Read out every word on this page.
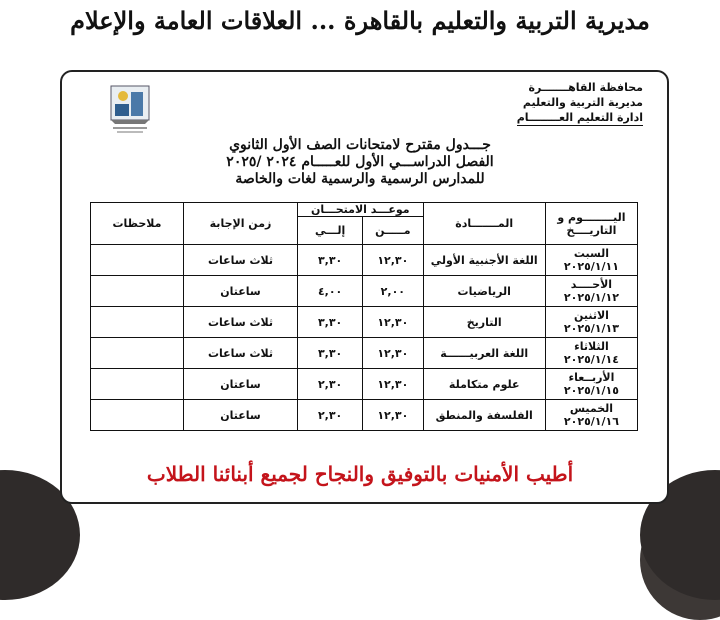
مديرية التربية والتعليم بالقاهرة ... العلاقات العامة والإعلام
محافظة القاهـــــــرة
مديرية التربية والتعليم
ادارة التعليم العــــــــام
جـــدول مقترح لامتحانات الصف الأول الثانوي
الفصل الدراســـي الأول للعـــــام ٢٠٢٤ /٢٠٢٥
للمدارس الرسمية والرسمية لغات والخاصة
اليــــــــوم و التاريــــخ	المـــــــادة	موعـــد الامتحـــان		زمن الإجابة	ملاحظات
		مـــــن	إلـــي		

السبت
٢٠٢٥/١/١١	اللغة الأجنبية الأولي	١٢,٣٠	٣,٣٠	ثلاث ساعات	

الأحــــد
٢٠٢٥/١/١٢	الرياضيات	٢,٠٠	٤,٠٠	ساعتان	

الاثنين
٢٠٢٥/١/١٣	التاريخ	١٢,٣٠	٣,٣٠	ثلاث ساعات	

الثلاثاء
٢٠٢٥/١/١٤	اللغة العربيــــــة	١٢,٣٠	٣,٣٠	ثلاث ساعات	

الأربــعاء
٢٠٢٥/١/١٥	علوم متكاملة	١٢,٣٠	٢,٣٠	ساعتان	

الخميس
٢٠٢٥/١/١٦	الفلسفة والمنطق	١٢,٣٠	٢,٣٠	ساعتان	
أطيب الأمنيات بالتوفيق والنجاح لجميع أبنائنا الطلاب
